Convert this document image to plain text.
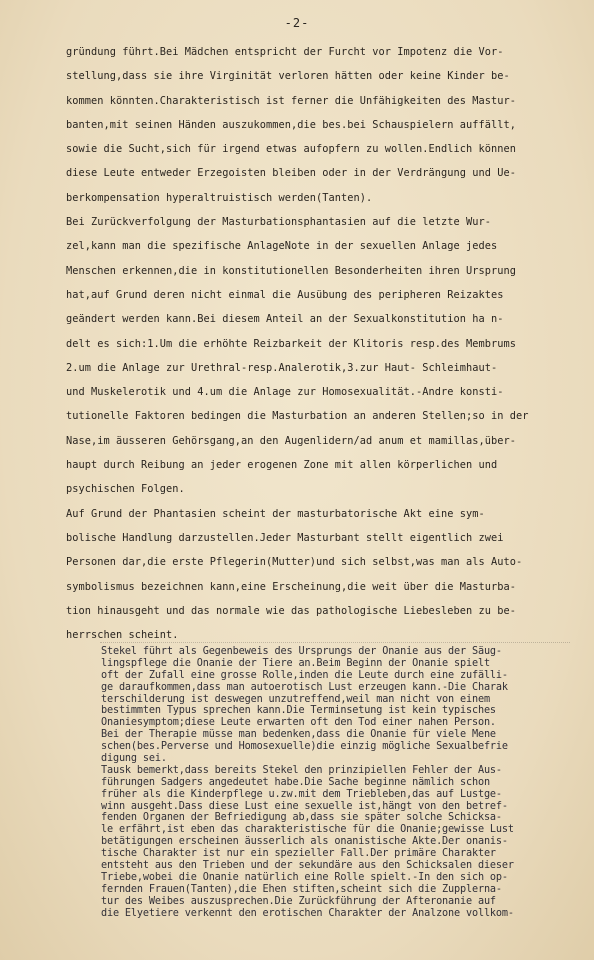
-2-
gründung führt.Bei Mädchen entspricht der Furcht vor Impotenz die Vor-
stellung,dass sie ihre Virginität verloren hätten oder keine Kinder be-
kommen könnten.Charakteristisch ist ferner die Unfähigkeiten des Mastur-
banten,mit seinen Händen auszukommen,die bes.bei Schauspielern auffällt,
sowie die Sucht,sich für irgend etwas aufopfern zu wollen.Endlich können
diese Leute entweder Erzegoisten bleiben oder in der Verdrängung und Ue-
berkompensation hyperaltruistisch werden(Tanten).
Bei Zurückverfolgung der Masturbationsphantasien auf die letzte Wur-
zel,kann man die spezifische AnlageNote in der sexuellen Anlage jedes
Menschen erkennen,die in konstitutionellen Besonderheiten ihren Ursprung
hat,auf Grund deren nicht einmal die Ausübung des peripheren Reizaktes
geändert werden kann.Bei diesem Anteil an der Sexualkonstitution ha n-
delt es sich:1.Um die erhöhte Reizbarkeit der Klitoris resp.des Membrums
2.um die Anlage zur Urethral-resp.Analerotik,3.zur Haut- Schleimhaut-
und Muskelerotik und 4.um die Anlage zur Homosexualität.-Andre konsti-
tutionelle Faktoren bedingen die Masturbation an anderen Stellen;so in der
Nase,im äusseren Gehörsgang,an den Augenlidern/ad anum et mamillas,über-
haupt durch Reibung an jeder erogenen Zone mit allen körperlichen und
psychischen Folgen.
Auf Grund der Phantasien scheint der masturbatorische Akt eine sym-
bolische Handlung darzustellen.Jeder Masturbant stellt eigentlich zwei
Personen dar,die erste Pflegerin(Mutter)und sich selbst,was man als Auto-
symbolismus bezeichnen kann,eine Erscheinung,die weit über die Masturba-
tion hinausgeht und das normale wie das pathologische Liebesleben zu be-
herrschen scheint.
Stekel führt als Gegenbeweis des Ursprungs der Onanie aus der Säug-
lingspflege die Onanie der Tiere an.Beim Beginn der Onanie spielt
oft der Zufall eine grosse Rolle,inden die Leute durch eine zufälli-
ge daraufkommen,dass man autoerotisch Lust erzeugen kann.-Die Charak
terschilderung ist deswegen unzutreffend,weil man nicht von einem
bestimmten Typus sprechen kann.Die Terminsetung ist kein typisches
Onaniesymptom;diese Leute erwarten oft den Tod einer nahen Person.
Bei der Therapie müsse man bedenken,dass die Onanie für viele Mene
schen(bes.Perverse und Homosexuelle)die einzig mögliche Sexualbefrie
digung sei.
Tausk bemerkt,dass bereits Stekel den prinzipiellen Fehler der Aus-
führungen Sadgers angedeutet habe.Die Sache beginne nämlich schon
früher als die Kinderpflege u.zw.mit dem Triebleben,das auf Lustge-
winn ausgeht.Dass diese Lust eine sexuelle ist,hängt von den betref-
fenden Organen der Befriedigung ab,dass sie später solche Schicksa-
le erfährt,ist eben das charakteristische für die Onanie;gewisse Lust
betätigungen erscheinen äusserlich als onanistische Akte.Der onanis-
tische Charakter ist nur ein spezieller Fall.Der primäre Charakter
entsteht aus den Trieben und der sekundäre aus den Schicksalen dieser
Triebe,wobei die Onanie natürlich eine Rolle spielt.-In den sich op-
fernden Frauen(Tanten),die Ehen stiften,scheint sich die Zupplerna-
tur des Weibes auszusprechen.Die Zurückführung der Afteronanie auf
die Elyetiere verkennt den erotischen Charakter der Analzone vollkom-
